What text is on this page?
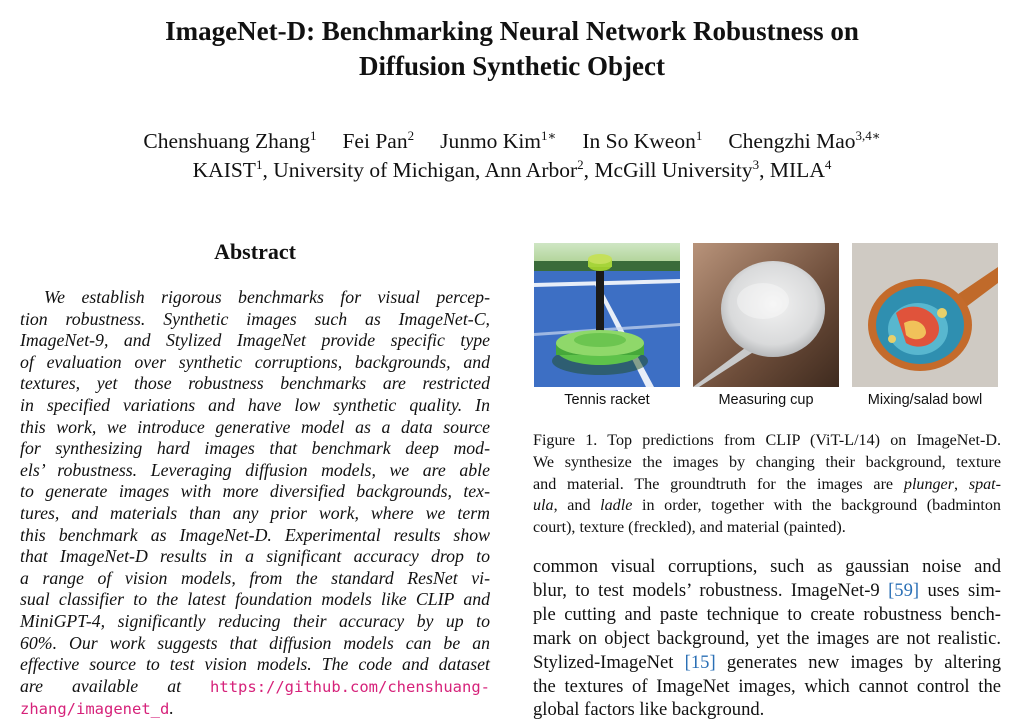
ImageNet-D: Benchmarking Neural Network Robustness on
Diffusion Synthetic Object
Chenshuang Zhang$^1$ Fei Pan$^2$ Junmo Kim$^{1∗}$ In So Kweon$^1$ Chengzhi Mao$^{3,4∗}$
KAIST$^1$, University of Michigan, Ann Arbor$^2$, McGill University$^3$, MILA$^4$
Abstract
We establish rigorous benchmarks for visual percep-
tion robustness. Synthetic images such as ImageNet-C,
ImageNet-9, and Stylized ImageNet provide specific type
of evaluation over synthetic corruptions, backgrounds, and
textures, yet those robustness benchmarks are restricted
in specified variations and have low synthetic quality. In
this work, we introduce generative model as a data source
for synthesizing hard images that benchmark deep mod-
els’ robustness. Leveraging diffusion models, we are able
to generate images with more diversified backgrounds, tex-
tures, and materials than any prior work, where we term
this benchmark as ImageNet-D. Experimental results show
that ImageNet-D results in a significant accuracy drop to
a range of vision models, from the standard ResNet vi-
sual classifier to the latest foundation models like CLIP and
MiniGPT-4, significantly reducing their accuracy by up to
60%. Our work suggests that diffusion models can be an
effective source to test vision models. The code and dataset
are available at https://github.com/chenshuang-
zhang/imagenet_d.
Tennis racket	Measuring cup	Mixing/salad bowl
Figure 1. Top predictions from CLIP (ViT-L/14) on ImageNet-D.
We synthesize the images by changing their background, texture
and material. The groundtruth for the images are plunger, spat-
ula, and ladle in order, together with the background (badminton
court), texture (freckled), and material (painted).
common visual corruptions, such as gaussian noise and
blur, to test models’ robustness. ImageNet-9 [59] uses sim-
ple cutting and paste technique to create robustness bench-
mark on object background, yet the images are not realistic.
Stylized-ImageNet [15] generates new images by altering
the textures of ImageNet images, which cannot control the
global factors like background.
